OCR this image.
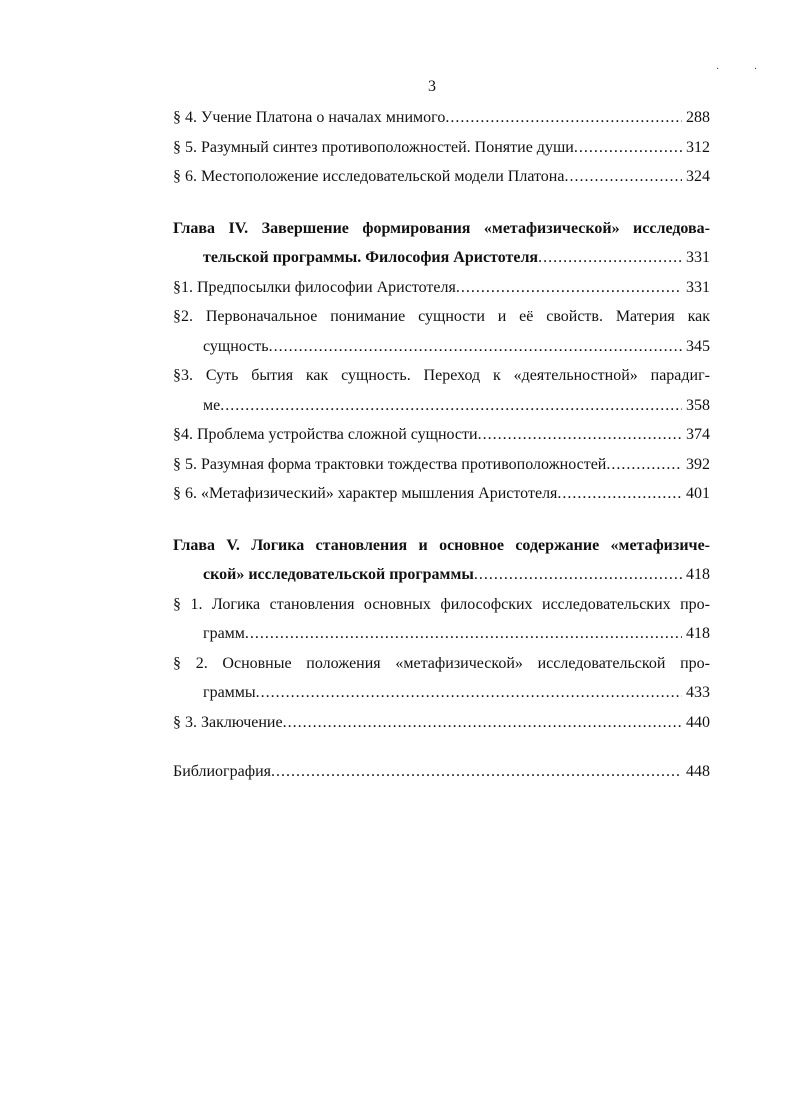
· ·
3
§ 4. Учение Платона о началах мнимого .....	288
§ 5. Разумный синтез противоположностей. Понятие души .....	312
§ 6. Местоположение исследовательской модели Платона .....	324
Глава IV. Завершение формирования «метафизической» исследова-
тельской программы. Философия Аристотеля .....	331
§1. Предпосылки философии Аристотеля .....	331
§2. Первоначальное понимание сущности и её свойств. Материя как
сущность .....	345
§3. Суть бытия как сущность. Переход к «деятельностной» парадиг-
ме .....	358
§4. Проблема устройства сложной сущности .....	374
§ 5. Разумная форма трактовки тождества противоположностей .....	392
§ 6. «Метафизический» характер мышления Аристотеля .....	401
Глава V. Логика становления и основное содержание «метафизиче-
ской» исследовательской программы .....	418
§ 1. Логика становления основных философских исследовательских про-
грамм .....	418
§ 2. Основные положения «метафизической» исследовательской про-
граммы .....	433
§ 3. Заключение .....	440
Библиография .....	448
